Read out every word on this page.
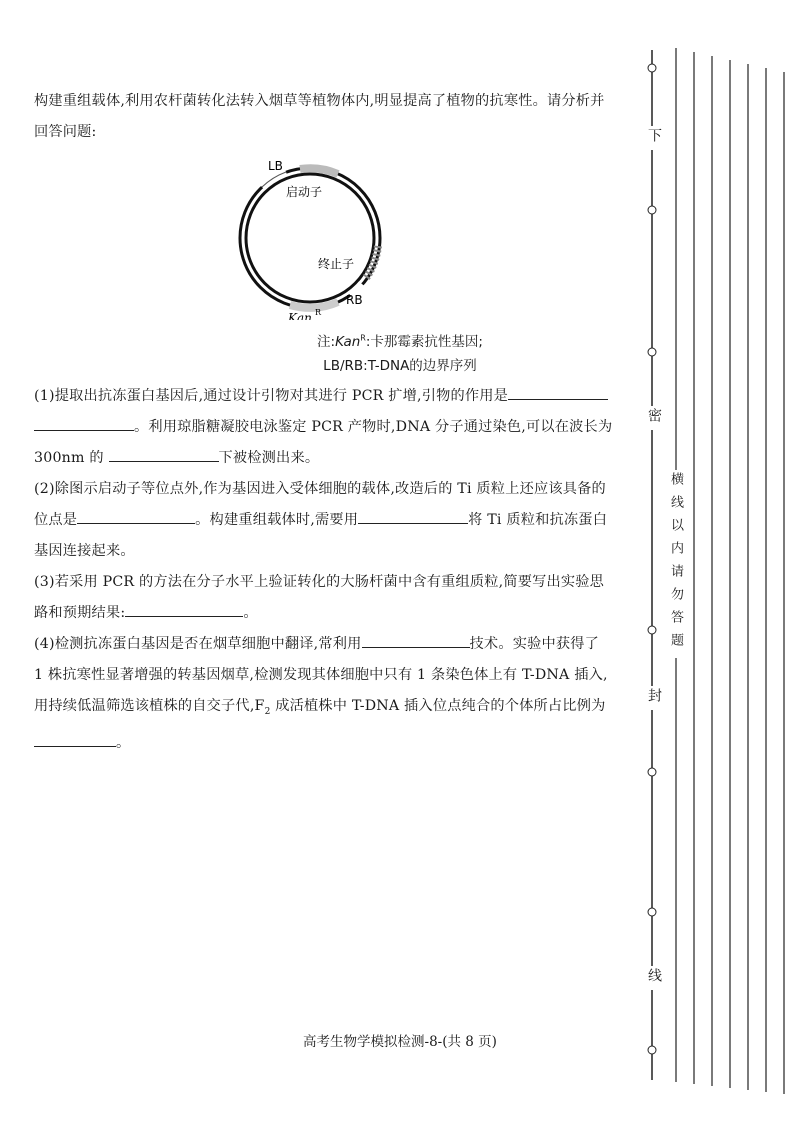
构建重组载体,利用农杆菌转化法转入烟草等植物体内,明显提高了植物的抗寒性。请分析并
回答问题:
LB
启动子
终止子
RB
Kan R
注:Kan$^R$:卡那霉素抗性基因;
LB/RB:T-DNA的边界序列
(1)提取出抗冻蛋白基因后,通过设计引物对其进行 PCR 扩增,引物的作用是
。利用琼脂糖凝胶电泳鉴定 PCR 产物时,DNA 分子通过染色,可以在波长为
300nm 的	下被检测出来。
(2)除图示启动子等位点外,作为基因进入受体细胞的载体,改造后的 Ti 质粒上还应该具备的
位点是	。构建重组载体时,需要用	将 Ti 质粒和抗冻蛋白
基因连接起来。
(3)若采用 PCR 的方法在分子水平上验证转化的大肠杆菌中含有重组质粒,简要写出实验思
路和预期结果:	。
(4)检测抗冻蛋白基因是否在烟草细胞中翻译,常利用	技术。实验中获得了
1 株抗寒性显著增强的转基因烟草,检测发现其体细胞中只有 1 条染色体上有 T-DNA 插入,
用持续低温筛选该植株的自交子代$,F_2$ 成活植株中 T-DNA 插入位点纯合的个体所占比例为
。
高考生物学模拟检测-8-(共 8 页)
下
密
横线以内请勿答题
封
线
